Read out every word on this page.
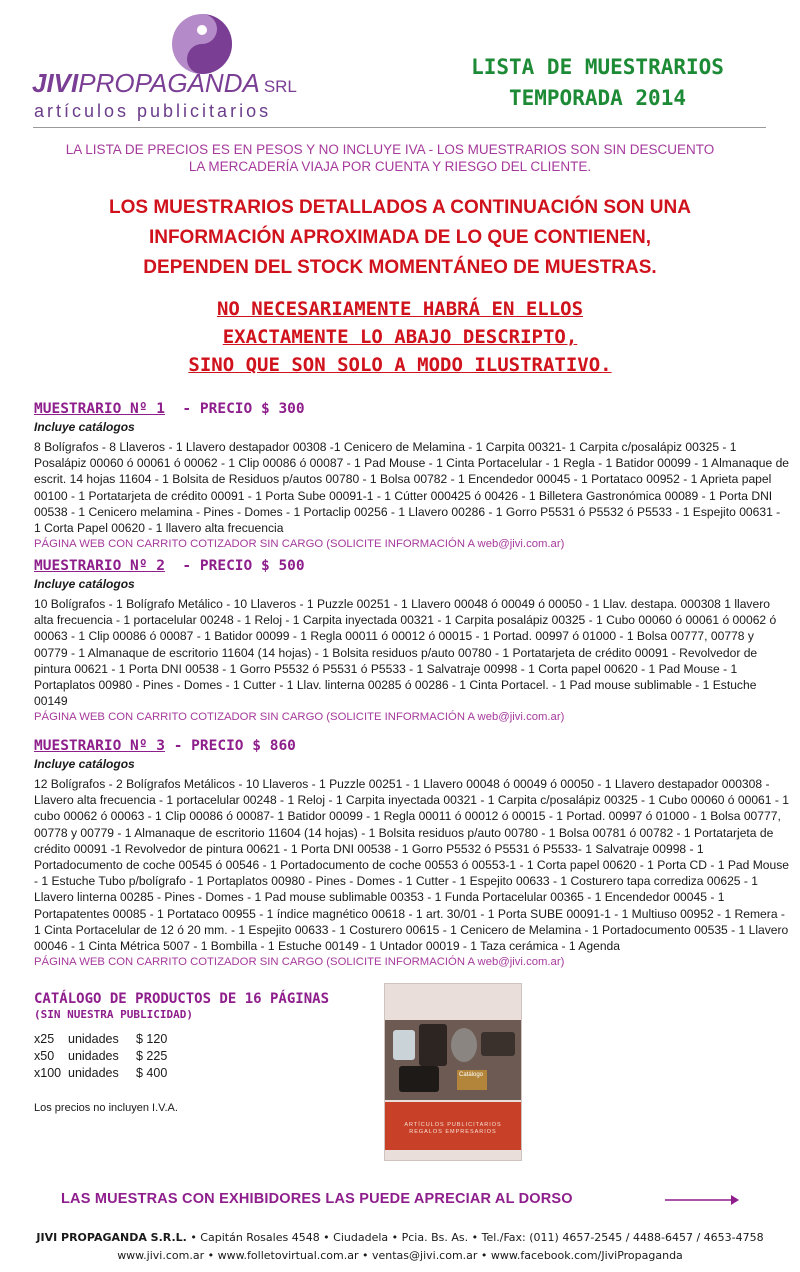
JIVIPROPAGANDA SRL
artículos publicitarios
LISTA DE MUESTRARIOS
TEMPORADA 2014
LA LISTA DE PRECIOS ES EN PESOS Y NO INCLUYE IVA - LOS MUESTRARIOS SON SIN DESCUENTO
LA MERCADERÍA VIAJA POR CUENTA Y RIESGO DEL CLIENTE.
LOS MUESTRARIOS DETALLADOS A CONTINUACIÓN SON UNA
INFORMACIÓN APROXIMADA DE LO QUE CONTIENEN,
DEPENDEN DEL STOCK MOMENTÁNEO DE MUESTRAS.
NO NECESARIAMENTE HABRÁ EN ELLOS
EXACTAMENTE LO ABAJO DESCRIPTO,
SINO QUE SON SOLO A MODO ILUSTRATIVO.
MUESTRARIO Nº 1 - PRECIO $ 300
Incluye catálogos
8 Bolígrafos - 8 Llaveros - 1 Llavero destapador 00308 -1 Cenicero de Melamina - 1 Carpita 00321- 1 Carpita c/posalápiz 00325 - 1 Posalápiz 00060 ó 00061 ó 00062 - 1 Clip 00086 ó 00087 - 1 Pad Mouse - 1 Cinta Portacelular - 1 Regla - 1 Batidor 00099 - 1 Almanaque de escrit. 14 hojas 11604 - 1 Bolsita de Residuos p/autos 00780 - 1 Bolsa 00782 - 1 Encendedor 00045 - 1 Portataco 00952 - 1 Aprieta papel 00100 - 1 Portatarjeta de crédito 00091 - 1 Porta Sube 00091-1 - 1 Cútter 000425 ó 00426 - 1 Billetera Gastronómica 00089 - 1 Porta DNI 00538 - 1 Cenicero melamina - Pines - Domes - 1 Portaclip 00256 - 1 Llavero 00286 - 1 Gorro P5531 ó P5532 ó P5533 - 1 Espejito 00631 - 1 Corta Papel 00620 - 1 llavero alta frecuencia
PÁGINA WEB CON CARRITO COTIZADOR SIN CARGO (SOLICITE INFORMACIÓN A web@jivi.com.ar)
MUESTRARIO Nº 2 - PRECIO $ 500
Incluye catálogos
10 Bolígrafos - 1 Bolígrafo Metálico - 10 Llaveros - 1 Puzzle 00251 - 1 Llavero 00048 ó 00049 ó 00050 - 1 Llav. destapa. 000308 1 llavero alta frecuencia - 1 portacelular 00248 - 1 Reloj - 1 Carpita inyectada 00321 - 1 Carpita posalápiz 00325 - 1 Cubo 00060 ó 00061 ó 00062 ó 00063 - 1 Clip 00086 ó 00087 - 1 Batidor 00099 - 1 Regla 00011 ó 00012 ó 00015 - 1 Portad. 00997 ó 01000 - 1 Bolsa 00777, 00778 y 00779 - 1 Almanaque de escritorio 11604 (14 hojas) - 1 Bolsita residuos p/auto 00780 - 1 Portatarjeta de crédito 00091 - Revolvedor de pintura 00621 - 1 Porta DNI 00538 - 1 Gorro P5532 ó P5531 ó P5533 - 1 Salvatraje 00998 - 1 Corta papel 00620 - 1 Pad Mouse - 1 Portaplatos 00980 - Pines - Domes - 1 Cutter - 1 Llav. linterna 00285 ó 00286 - 1 Cinta Portacel. - 1 Pad mouse sublimable - 1 Estuche 00149
PÁGINA WEB CON CARRITO COTIZADOR SIN CARGO (SOLICITE INFORMACIÓN A web@jivi.com.ar)
MUESTRARIO Nº 3 - PRECIO $ 860
Incluye catálogos
12 Bolígrafos - 2 Bolígrafos Metálicos - 10 Llaveros - 1 Puzzle 00251 - 1 Llavero 00048 ó 00049 ó 00050 - 1 Llavero destapador 000308 - Llavero alta frecuencia - 1 portacelular 00248 - 1 Reloj - 1 Carpita inyectada 00321 - 1 Carpita c/posalápiz 00325 - 1 Cubo 00060 ó 00061 - 1 cubo 00062 ó 00063 - 1 Clip 00086 ó 00087- 1 Batidor 00099 - 1 Regla 00011 ó 00012 ó 00015 - 1 Portad. 00997 ó 01000 - 1 Bolsa 00777, 00778 y 00779 - 1 Almanaque de escritorio 11604 (14 hojas) - 1 Bolsita residuos p/auto 00780 - 1 Bolsa 00781 ó 00782 - 1 Portatarjeta de crédito 00091 -1 Revolvedor de pintura 00621 - 1 Porta DNI 00538 - 1 Gorro P5532 ó P5531 ó P5533- 1 Salvatraje 00998 - 1 Portadocumento de coche 00545 ó 00546 - 1 Portadocumento de coche 00553 ó 00553-1 - 1 Corta papel 00620 - 1 Porta CD - 1 Pad Mouse - 1 Estuche Tubo p/bolígrafo - 1 Portaplatos 00980 - Pines - Domes - 1 Cutter - 1 Espejito 00633 - 1 Costurero tapa corrediza 00625 - 1 Llavero linterna 00285 - Pines - Domes - 1 Pad mouse sublimable 00353 - 1 Funda Portacelular 00365 - 1 Encendedor 00045 - 1 Portapatentes 00085 - 1 Portataco 00955 - 1 índice magnético 00618 - 1 art. 30/01 - 1 Porta SUBE 00091-1 - 1 Multiuso 00952 - 1 Remera - 1 Cinta Portacelular de 12 ó 20 mm. - 1 Espejito 00633 - 1 Costurero 00615 - 1 Cenicero de Melamina - 1 Portadocumento 00535 - 1 Llavero 00046 - 1 Cinta Métrica 5007 - 1 Bombilla - 1 Estuche 00149 - 1 Untador 00019 - 1 Taza cerámica - 1 Agenda
PÁGINA WEB CON CARRITO COTIZADOR SIN CARGO (SOLICITE INFORMACIÓN A web@jivi.com.ar)
CATÁLOGO DE PRODUCTOS DE 16 PÁGINAS
(SIN NUESTRA PUBLICIDAD)
x25 unidades $ 120
x50 unidades $ 225
x100 unidades $ 400
Los precios no incluyen I.V.A.
Catálogo
ARTÍCULOS PUBLICITARIOS
REGALOS EMPRESARIOS
LAS MUESTRAS CON EXHIBIDORES LAS PUEDE APRECIAR AL DORSO
JIVI PROPAGANDA S.R.L. • Capitán Rosales 4548 • Ciudadela • Pcia. Bs. As. • Tel./Fax: (011) 4657-2545 / 4488-6457 / 4653-4758
www.jivi.com.ar • www.folletovirtual.com.ar • ventas@jivi.com.ar • www.facebook.com/JiviPropaganda
